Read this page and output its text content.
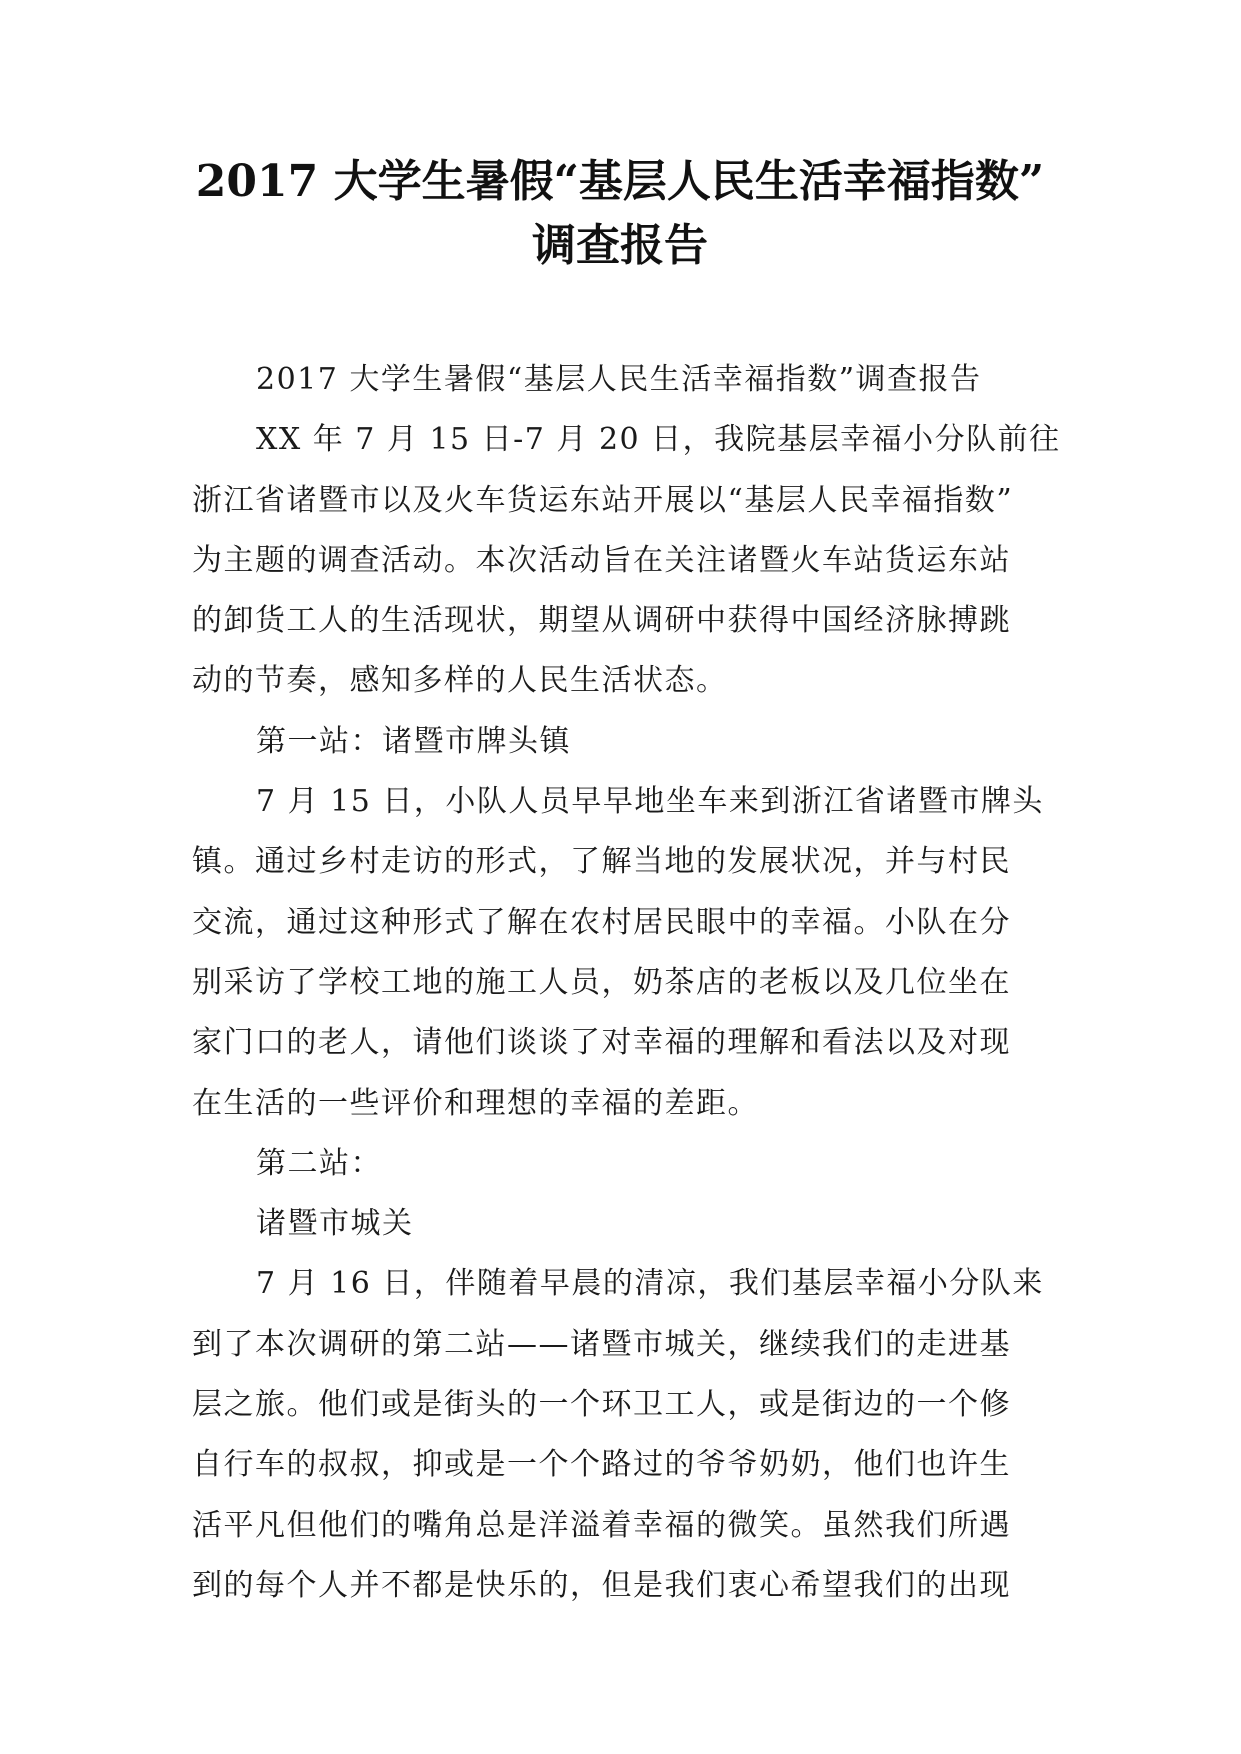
2017 大学生暑假“基层人民生活幸福指数”
调查报告
2017 大学生暑假“基层人民生活幸福指数”调查报告
XX 年 7 月 15 日-7 月 20 日，我院基层幸福小分队前往
浙江省诸暨市以及火车货运东站开展以“基层人民幸福指数”
为主题的调查活动。本次活动旨在关注诸暨火车站货运东站
的卸货工人的生活现状，期望从调研中获得中国经济脉搏跳
动的节奏，感知多样的人民生活状态。
第一站：诸暨市牌头镇
7 月 15 日，小队人员早早地坐车来到浙江省诸暨市牌头
镇。通过乡村走访的形式，了解当地的发展状况，并与村民
交流，通过这种形式了解在农村居民眼中的幸福。小队在分
别采访了学校工地的施工人员，奶茶店的老板以及几位坐在
家门口的老人，请他们谈谈了对幸福的理解和看法以及对现
在生活的一些评价和理想的幸福的差距。
第二站：
诸暨市城关
7 月 16 日，伴随着早晨的清凉，我们基层幸福小分队来
到了本次调研的第二站——诸暨市城关，继续我们的走进基
层之旅。他们或是街头的一个环卫工人，或是街边的一个修
自行车的叔叔，抑或是一个个路过的爷爷奶奶，他们也许生
活平凡但他们的嘴角总是洋溢着幸福的微笑。虽然我们所遇
到的每个人并不都是快乐的，但是我们衷心希望我们的出现
